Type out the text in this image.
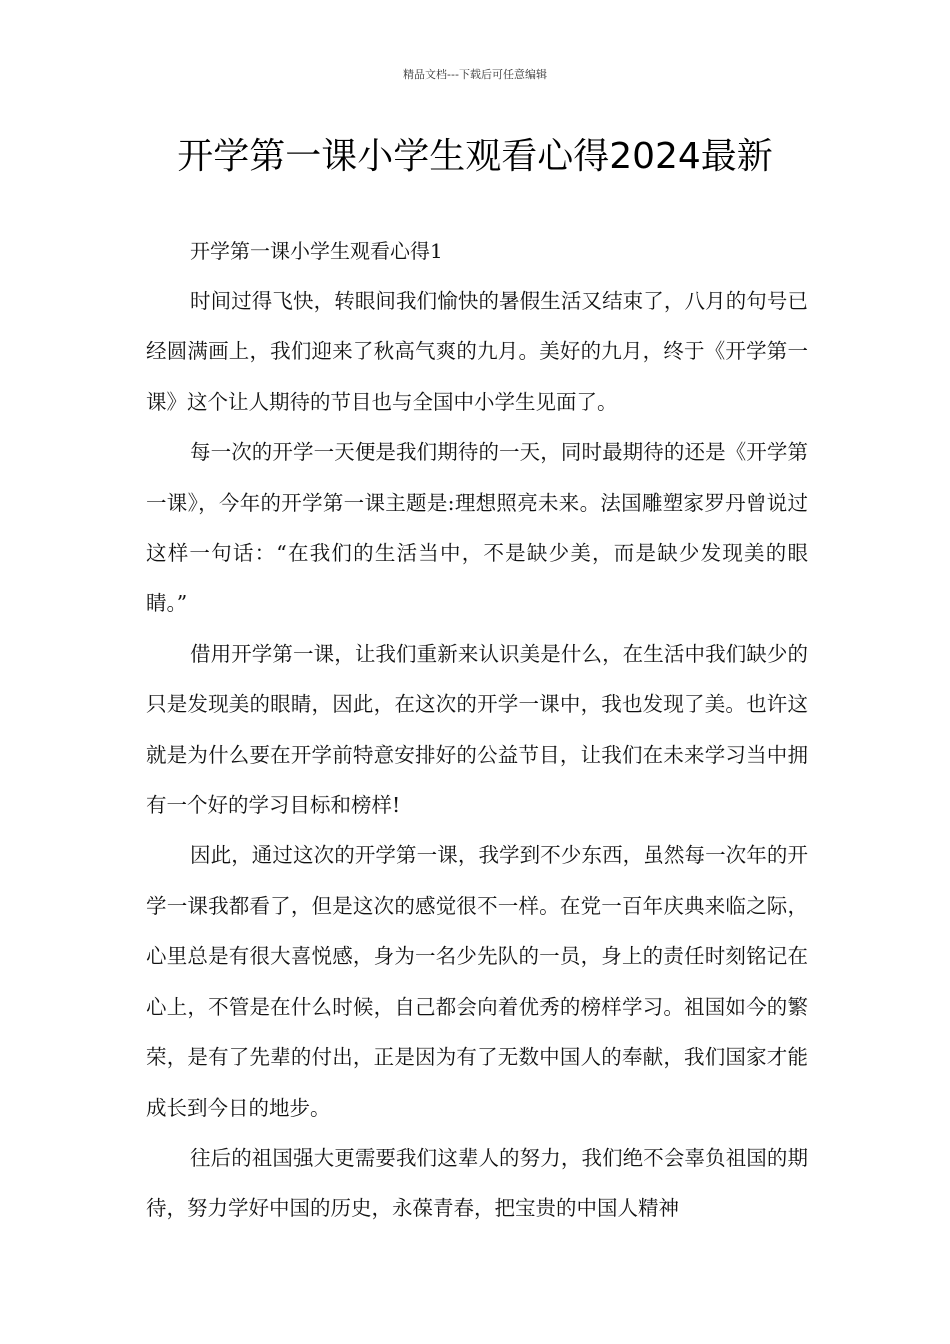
精品文档---下载后可任意编辑
开学第一课小学生观看心得2024最新

开学第一课小学生观看心得1

时间过得飞快，转眼间我们愉快的暑假生活又结束了，八月的句号已经圆满画上，我们迎来了秋高气爽的九月。美好的九月，终于《开学第一课》这个让人期待的节目也与全国中小学生见面了。

每一次的开学一天便是我们期待的一天，同时最期待的还是《开学第一课》，今年的开学第一课主题是:理想照亮未来。法国雕塑家罗丹曾说过这样一句话：“在我们的生活当中，不是缺少美，而是缺少发现美的眼睛。”

借用开学第一课，让我们重新来认识美是什么，在生活中我们缺少的只是发现美的眼睛，因此，在这次的开学一课中，我也发现了美。也许这就是为什么要在开学前特意安排好的公益节目，让我们在未来学习当中拥有一个好的学习目标和榜样!

因此，通过这次的开学第一课，我学到不少东西，虽然每一次年的开学一课我都看了，但是这次的感觉很不一样。在党一百年庆典来临之际，心里总是有很大喜悦感，身为一名少先队的一员，身上的责任时刻铭记在心上，不管是在什么时候，自己都会向着优秀的榜样学习。祖国如今的繁荣，是有了先辈的付出，正是因为有了无数中国人的奉献，我们国家才能成长到今日的地步。

往后的祖国强大更需要我们这辈人的努力，我们绝不会辜负祖国的期待，努力学好中国的历史，永葆青春，把宝贵的中国人精神
